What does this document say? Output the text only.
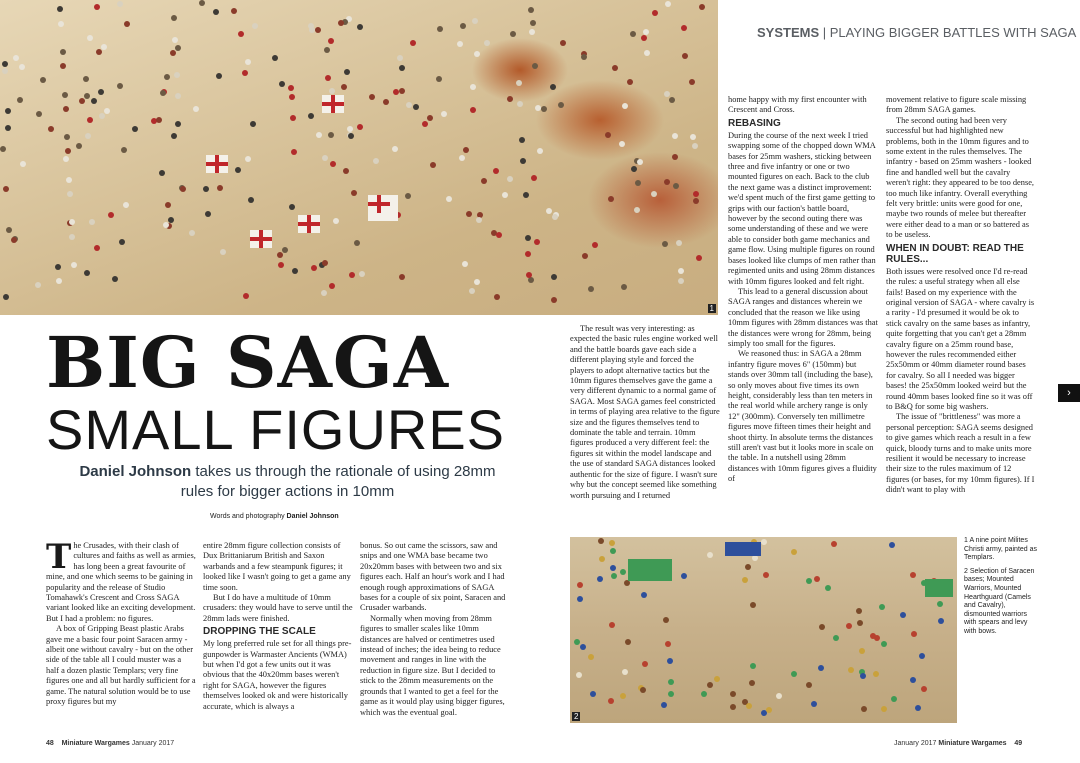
1
SYSTEMS | PLAYING BIGGER BATTLES WITH SAGA
BIG SAGA
SMALL FIGURES
Daniel Johnson takes us through the rationale of using 28mm rules for bigger actions in 10mm
Words and photography Daniel Johnson

The Crusades, with their clash of cultures and faiths as well as armies, has long been a great favourite of mine, and one which seems to be gaining in popularity and the release of Studio Tomahawk's Crescent and Cross SAGA variant looked like an exciting development. But I had a problem: no figures.

A box of Gripping Beast plastic Arabs gave me a basic four point Saracen army - albeit one without cavalry - but on the other side of the table all I could muster was a half a dozen plastic Templars; very fine figures one and all but hardly sufficient for a game. The natural solution would be to use proxy figures but my

entire 28mm figure collection consists of Dux Brittaniarum British and Saxon warbands and a few steampunk figures; it looked like I wasn't going to get a game any time soon.

But I do have a multitude of 10mm crusaders: they would have to serve until the 28mm lads were finished.

DROPPING THE SCALE

My long preferred rule set for all things pre-gunpowder is Warmaster Ancients (WMA) but when I'd got a few units out it was obvious that the 40x20mm bases weren't right for SAGA, however the figures themselves looked ok and were historically accurate, which is always a

bonus. So out came the scissors, saw and snips and one WMA base became two 20x20mm bases with between two and six figures each. Half an hour's work and I had enough rough approximations of SAGA bases for a couple of six point, Saracen and Crusader warbands.

Normally when moving from 28mm figures to smaller scales like 10mm distances are halved or centimetres used instead of inches; the idea being to reduce movement and ranges in line with the reduction in figure size. But I decided to stick to the 28mm measurements on the grounds that I wanted to get a feel for the game as it would play using bigger figures, which was the eventual goal.

The result was very interesting: as expected the basic rules engine worked well and the battle boards gave each side a different playing style and forced the players to adopt alternative tactics but the 10mm figures themselves gave the game a very different dynamic to a normal game of SAGA. Most SAGA games feel constricted in terms of playing area relative to the figure size and the figures themselves tend to dominate the table and terrain. 10mm figures produced a very different feel: the figures sit within the model landscape and the use of standard SAGA distances looked authentic for the size of figure. I wasn't sure why but the concept seemed like something worth pursuing and I returned

home happy with my first encounter with Crescent and Cross.

REBASING

During the course of the next week I tried swapping some of the chopped down WMA bases for 25mm washers, sticking between three and five infantry or one or two mounted figures on each. Back to the club the next game was a distinct improvement: we'd spent much of the first game getting to grips with our faction's battle board, however by the second outing there was some understanding of these and we were able to consider both game mechanics and game flow. Using multiple figures on round bases looked like clumps of men rather than regimented units and using 28mm distances with 10mm figures looked and felt right.

This lead to a general discussion about SAGA ranges and distances wherein we concluded that the reason we like using 10mm figures with 28mm distances was that the distances were wrong for 28mm, being simply too small for the figures.

We reasoned thus: in SAGA a 28mm infantry figure moves 6" (150mm) but stands over 30mm tall (including the base), so only moves about five times its own height, considerably less than ten meters in the real world while archery range is only 12" (300mm). Conversely ten millimetre figures move fifteen times their height and shoot thirty. In absolute terms the distances still aren't vast but it looks more in scale on the table. In a nutshell using 28mm distances with 10mm figures gives a fluidity of

movement relative to figure scale missing from 28mm SAGA games.

The second outing had been very successful but had highlighted new problems, both in the 10mm figures and to some extent in the rules themselves. The infantry - based on 25mm washers - looked fine and handled well but the cavalry weren't right: they appeared to be too dense, too much like infantry. Overall everything felt very brittle: units were good for one, maybe two rounds of melee but thereafter were either dead to a man or so battered as to be useless.

WHEN IN DOUBT: READ THE RULES...

Both issues were resolved once I'd re-read the rules: a useful strategy when all else fails! Based on my experience with the original version of SAGA - where cavalry is a rarity - I'd presumed it would be ok to stick cavalry on the same bases as infantry, quite forgetting that you can't get a 28mm cavalry figure on a 25mm round base, however the rules recommended either 25x50mm or 40mm diameter round bases for cavalry. So all I needed was bigger bases! the 25x50mm looked weird but the round 40mm bases looked fine so it was off to B&Q for some big washers.

The issue of "brittleness" was more a personal perception: SAGA seems designed to give games which reach a result in a few quick, bloody turns and to make units more resilient it would be necessary to increase their size to the rules maximum of 12 figures (or bases, for my 10mm figures). If I didn't want to play with

2

1 A nine point Milites Christi army, painted as Templars.

2 Selection of Saracen bases; Mounted Warriors, Mounted Hearthguard (Camels and Cavalry), dismounted warriors with spears and levy with bows.

48 Miniature Wargames January 2017	January 2017 Miniature Wargames 49
›
